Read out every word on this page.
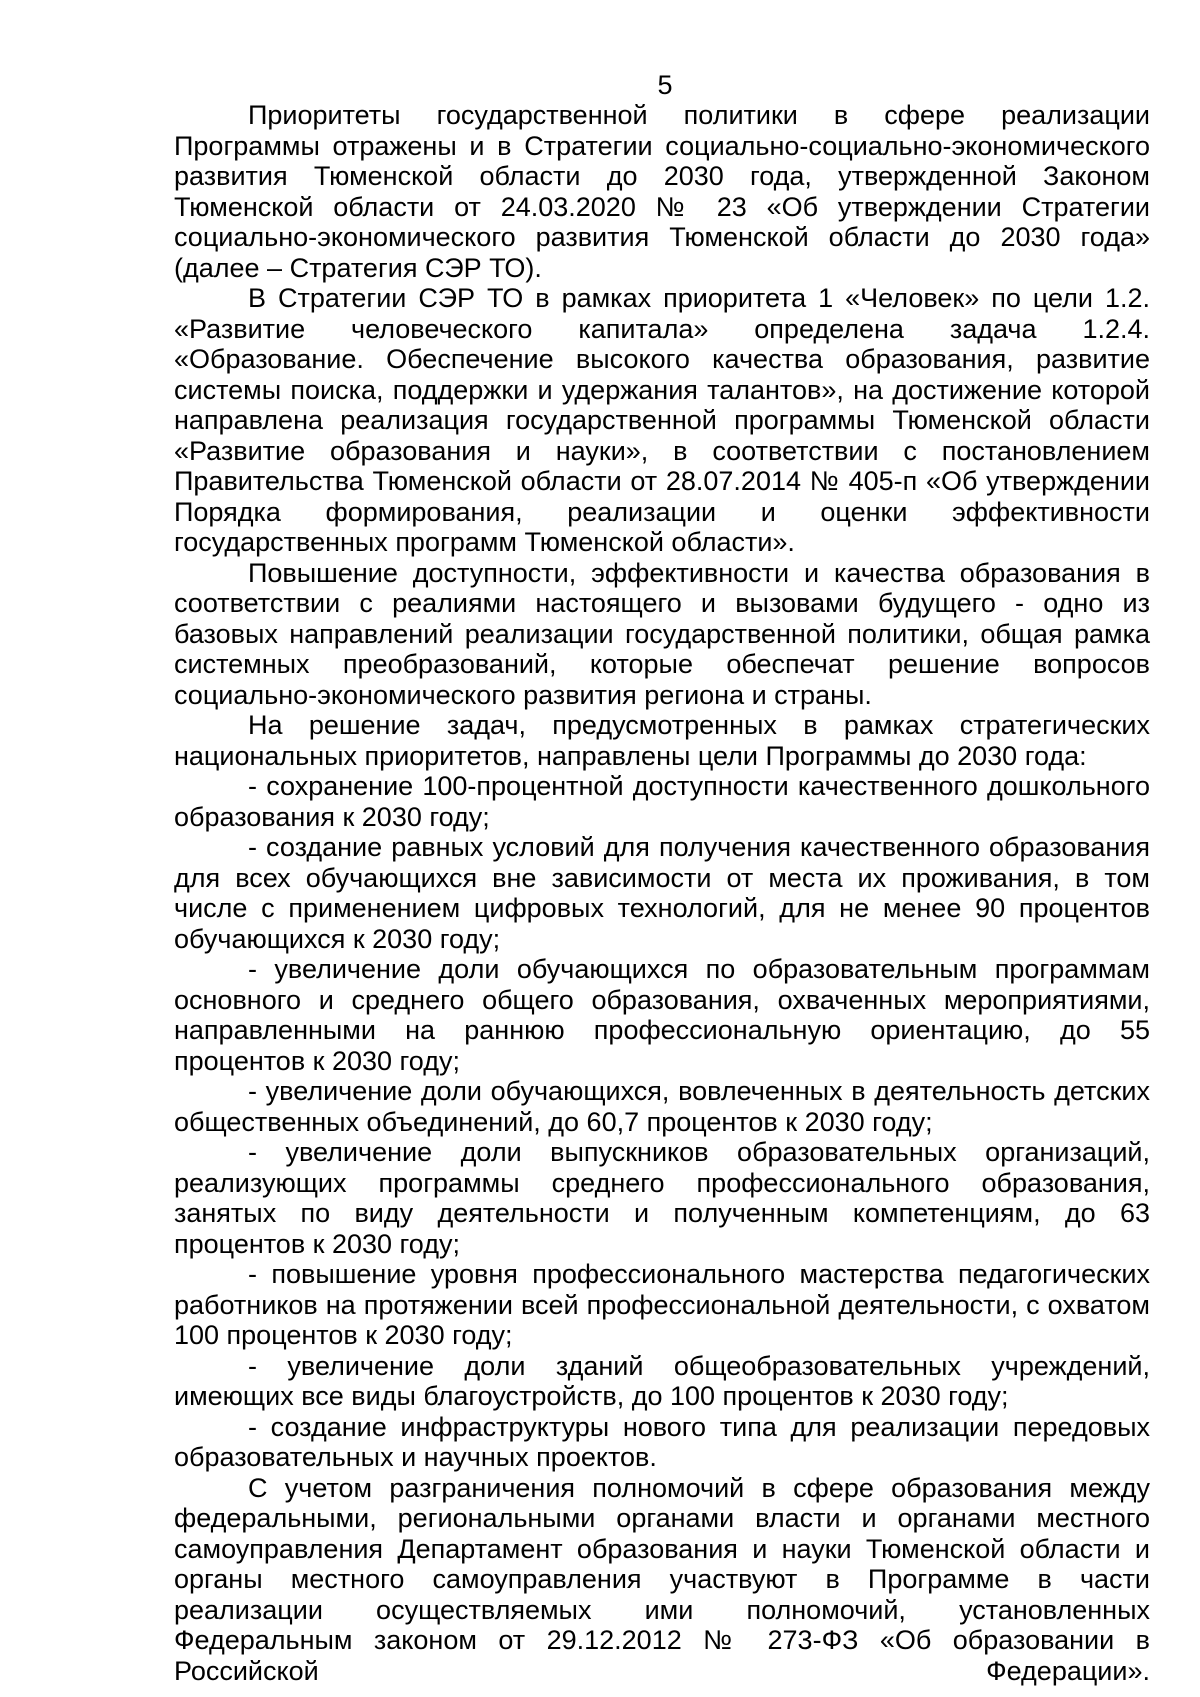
5

Приоритеты государственной политики в сфере реализации Программы отражены и в Стратегии социально-социально-экономического развития Тюменской области до 2030 года, утвержденной Законом Тюменской области от 24.03.2020 № 23 «Об утверждении Стратегии социально-экономического развития Тюменской области до 2030 года» (далее – Стратегия СЭР ТО).

В Стратегии СЭР ТО в рамках приоритета 1 «Человек» по цели 1.2. «Развитие человеческого капитала» определена задача 1.2.4. «Образование. Обеспечение высокого качества образования, развитие системы поиска, поддержки и удержания талантов», на достижение которой направлена реализация государственной программы Тюменской области «Развитие образования и науки», в соответствии с постановлением Правительства Тюменской области от 28.07.2014 № 405-п «Об утверждении Порядка формирования, реализации и оценки эффективности государственных программ Тюменской области».

Повышение доступности, эффективности и качества образования в соответствии с реалиями настоящего и вызовами будущего - одно из базовых направлений реализации государственной политики, общая рамка системных преобразований, которые обеспечат решение вопросов социально-экономического развития региона и страны.

На решение задач, предусмотренных в рамках стратегических национальных приоритетов, направлены цели Программы до 2030 года:

- сохранение 100-процентной доступности качественного дошкольного образования к 2030 году;

- создание равных условий для получения качественного образования для всех обучающихся вне зависимости от места их проживания, в том числе с применением цифровых технологий, для не менее 90 процентов обучающихся к 2030 году;

- увеличение доли обучающихся по образовательным программам основного и среднего общего образования, охваченных мероприятиями, направленными на раннюю профессиональную ориентацию, до 55 процентов к 2030 году;

- увеличение доли обучающихся, вовлеченных в деятельность детских общественных объединений, до 60,7 процентов к 2030 году;

- увеличение доли выпускников образовательных организаций, реализующих программы среднего профессионального образования, занятых по виду деятельности и полученным компетенциям, до 63 процентов к 2030 году;

- повышение уровня профессионального мастерства педагогических работников на протяжении всей профессиональной деятельности, с охватом 100 процентов к 2030 году;

- увеличение доли зданий общеобразовательных учреждений, имеющих все виды благоустройств, до 100 процентов к 2030 году;

- создание инфраструктуры нового типа для реализации передовых образовательных и научных проектов.

С учетом разграничения полномочий в сфере образования между федеральными, региональными органами власти и органами местного самоуправления Департамент образования и науки Тюменской области и органы местного самоуправления участвуют в Программе в части реализации осуществляемых ими полномочий, установленных Федеральным законом от 29.12.2012 № 273-ФЗ «Об образовании в Российской Федерации».
